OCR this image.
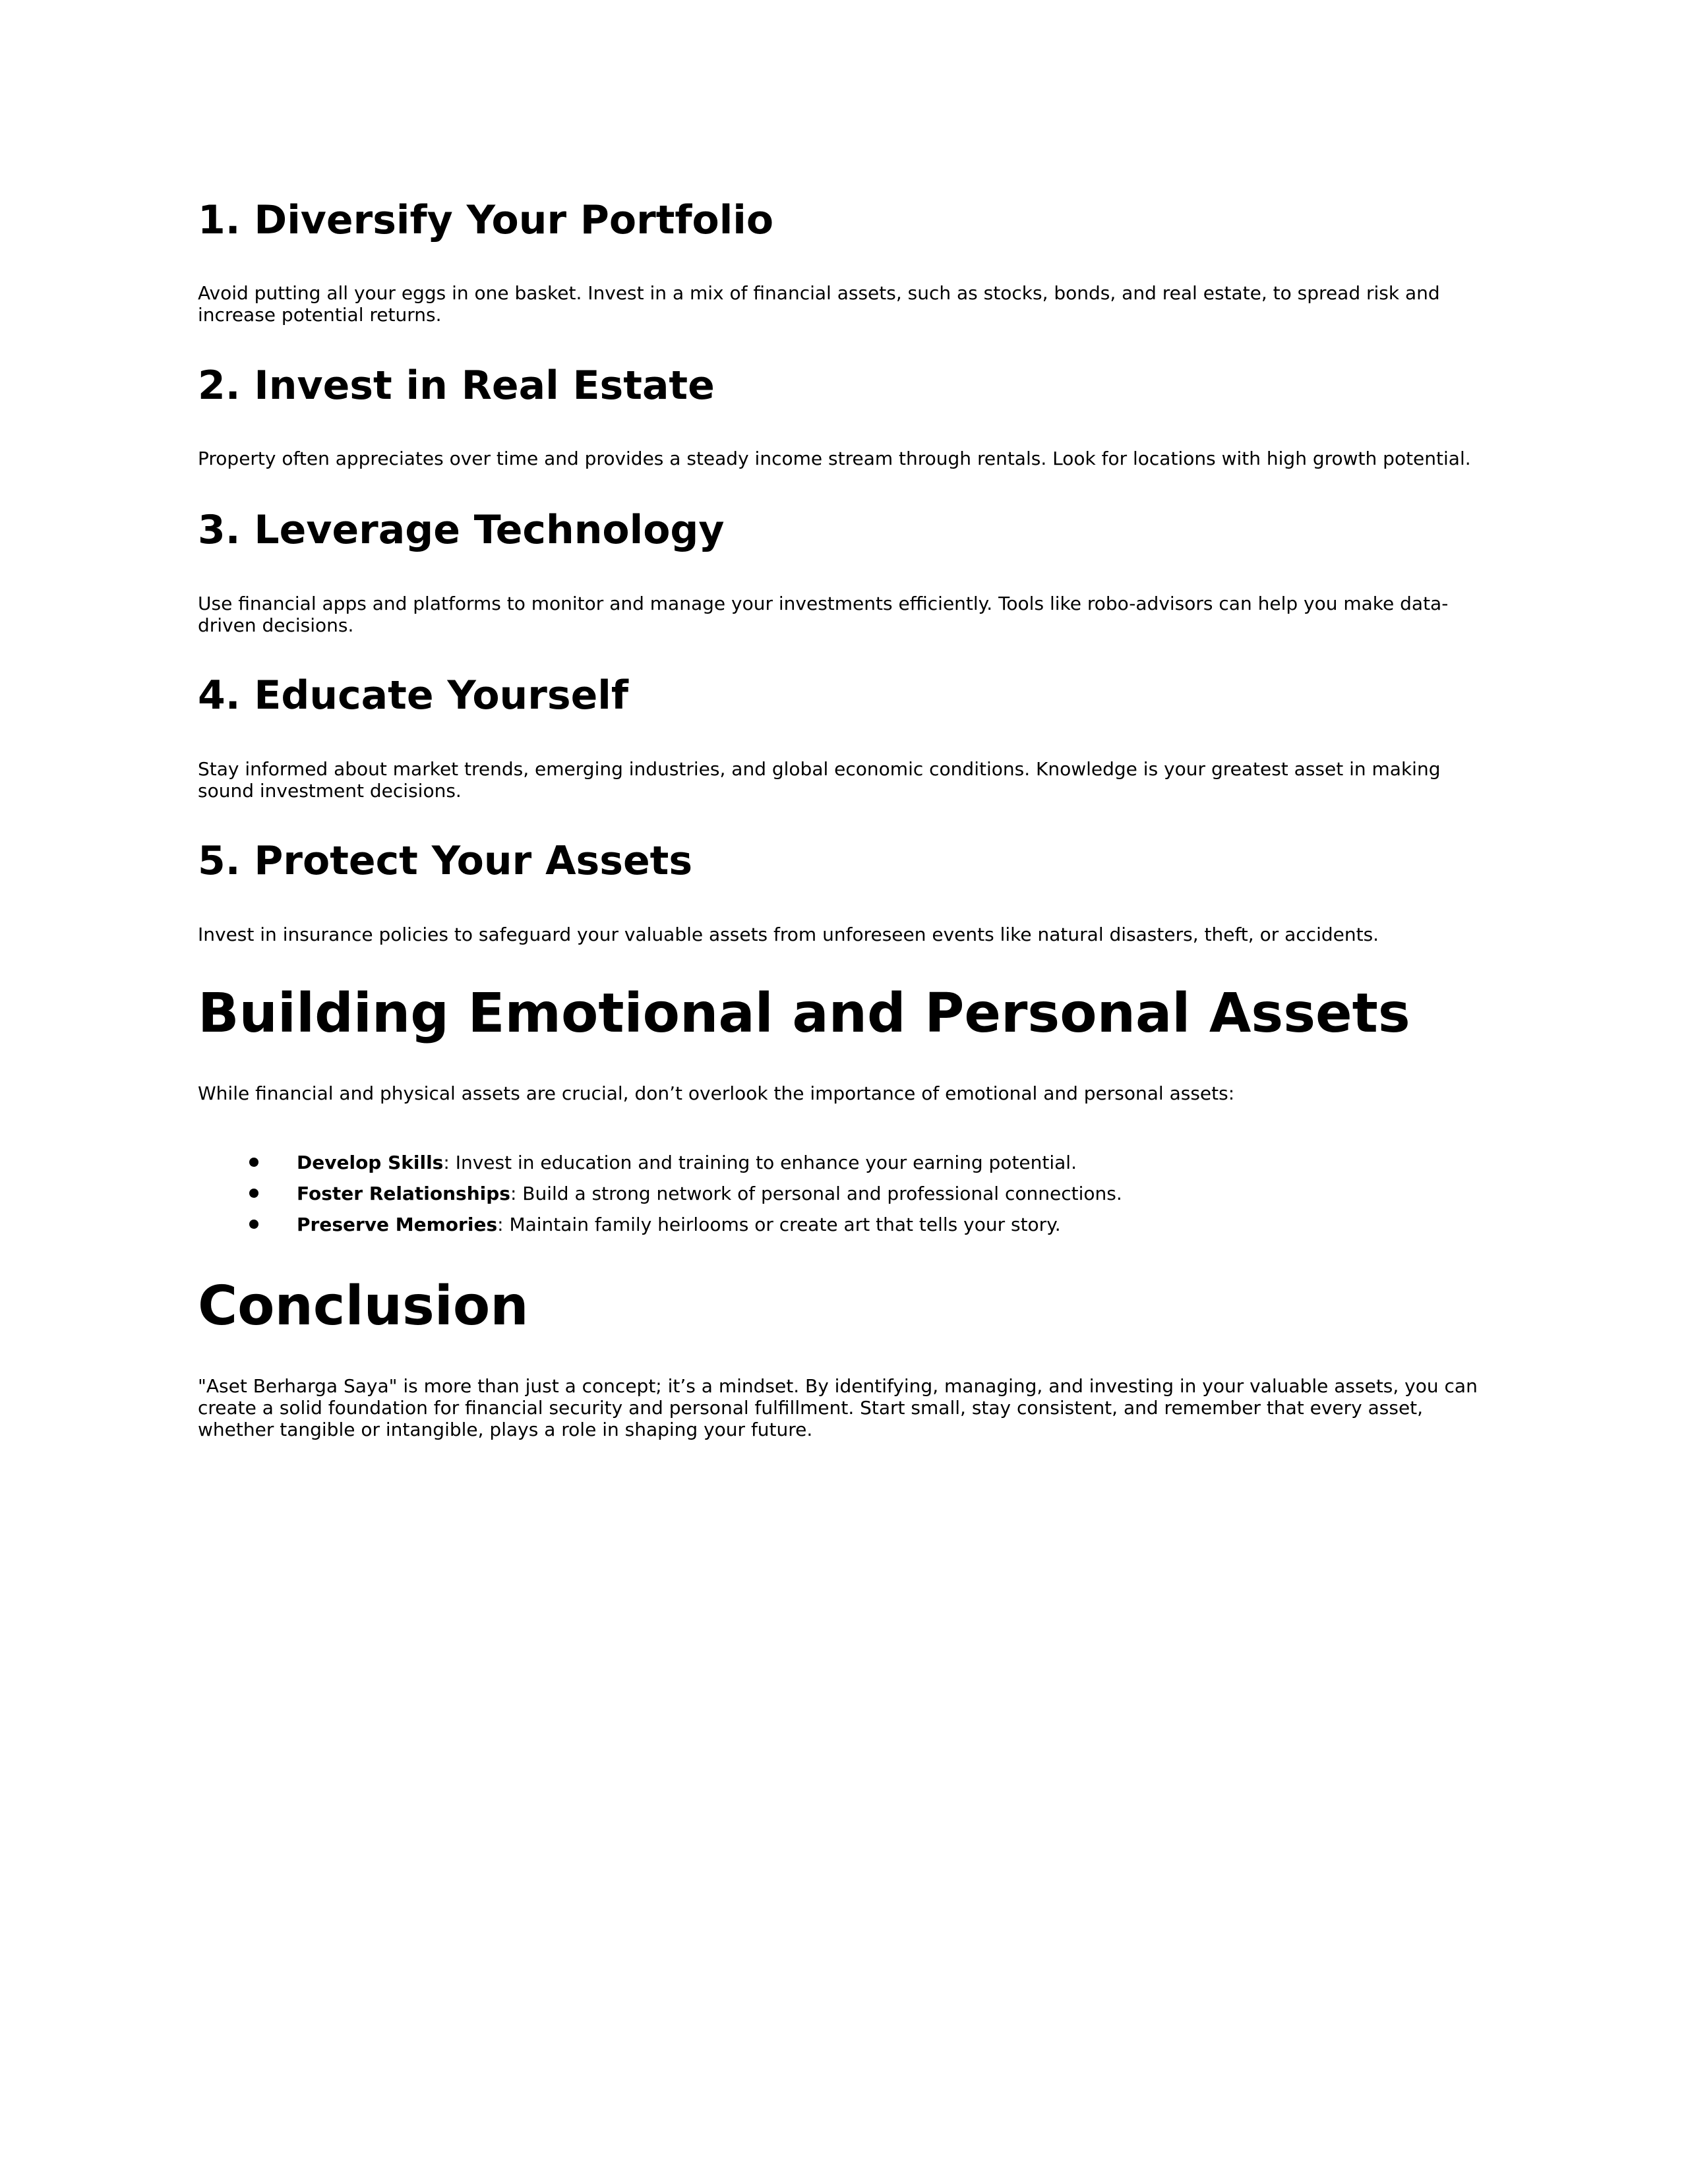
1. Diversify Your Portfolio

Avoid putting all your eggs in one basket. Invest in a mix of financial assets, such as stocks, bonds, and real estate, to spread risk and increase potential returns.

2. Invest in Real Estate

Property often appreciates over time and provides a steady income stream through rentals. Look for locations with high growth potential.

3. Leverage Technology

Use financial apps and platforms to monitor and manage your investments efficiently. Tools like robo-advisors can help you make data-driven decisions.

4. Educate Yourself

Stay informed about market trends, emerging industries, and global economic conditions. Knowledge is your greatest asset in making sound investment decisions.

5. Protect Your Assets

Invest in insurance policies to safeguard your valuable assets from unforeseen events like natural disasters, theft, or accidents.

Building Emotional and Personal Assets

While financial and physical assets are crucial, don’t overlook the importance of emotional and personal assets:

Develop Skills: Invest in education and training to enhance your earning potential.
Foster Relationships: Build a strong network of personal and professional connections.
Preserve Memories: Maintain family heirlooms or create art that tells your story.
Conclusion

"Aset Berharga Saya" is more than just a concept; it’s a mindset. By identifying, managing, and investing in your valuable assets, you can create a solid foundation for financial security and personal fulfillment. Start small, stay consistent, and remember that every asset, whether tangible or intangible, plays a role in shaping your future.
